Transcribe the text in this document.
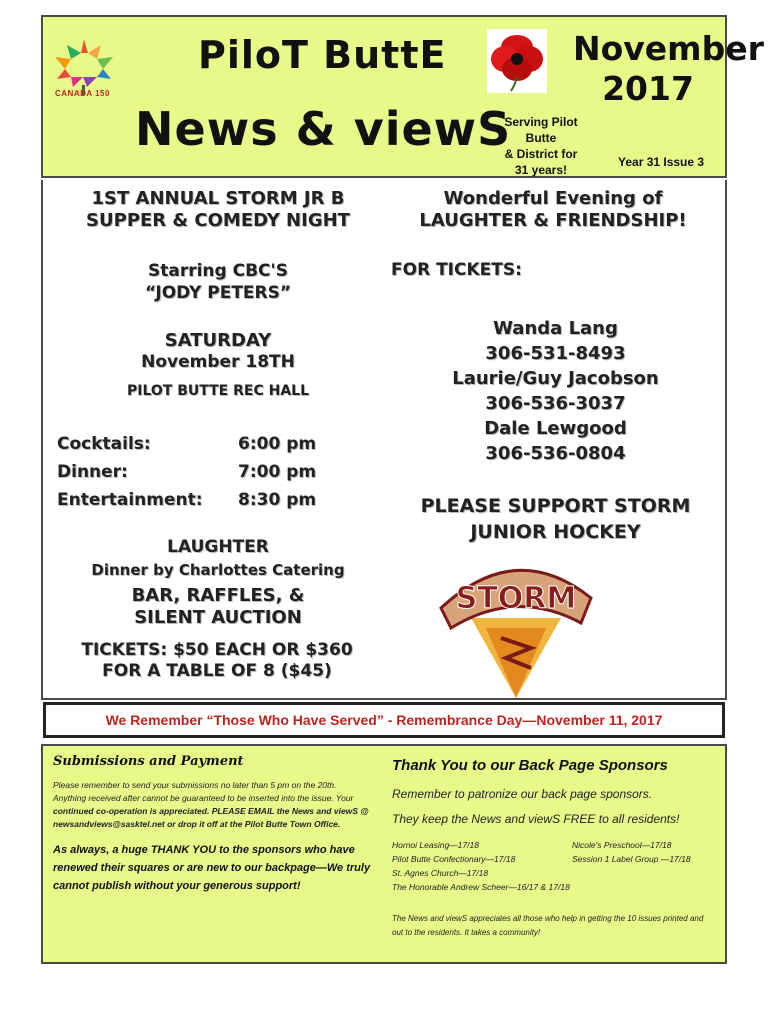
CANADA 150
PiloT ButtE
News & viewS
November
2017
Serving Pilot Butte
& District for
31 years!
Year 31 Issue 3
1ST ANNUAL STORM JR B
SUPPER & COMEDY NIGHT
Wonderful Evening of
LAUGHTER & FRIENDSHIP!
Starring CBC'S
“JODY PETERS”
FOR TICKETS:
SATURDAY
November 18TH
PILOT BUTTE REC HALL
Cocktails:
Dinner:
Entertainment:
6:00 pm
7:00 pm
8:30 pm
Wanda Lang
306-531-8493
Laurie/Guy Jacobson
306-536-3037
Dale Lewgood
306-536-0804
PLEASE SUPPORT STORM
JUNIOR HOCKEY
LAUGHTER
Dinner by Charlottes Catering
BAR, RAFFLES, &
SILENT AUCTION
TICKETS: $50 EACH OR $360
FOR A TABLE OF 8 ($45)
STORM
We Remember “Those Who Have Served” - Remembrance Day—November 11, 2017
Submissions and Payment
Please remember to send your submissions no later than 5 pm on the 20th.
Anything received after cannot be guaranteed to be inserted into the issue. Your
continued co-operation is appreciated. PLEASE EMAIL the News and viewS @
newsandviews@sasktel.net or drop it off at the Pilot Butte Town Office.
As always, a huge THANK YOU to the sponsors who have renewed their squares or are new to our backpage—We truly cannot publish without your generous support!
Thank You to our Back Page Sponsors
Remember to patronize our back page sponsors.
They keep the News and viewS FREE to all residents!
Hornoi Leasing—17/18
Pilot Butte Confectionary—17/18
St. Agnes Church—17/18
The Honorable Andrew Scheer—16/17 & 17/18
Nicole's Preschool—17/18
Session 1 Label Group —17/18
The News and viewS appreciates all those who help in getting the 10 issues printed and out to the residents. It takes a community!
